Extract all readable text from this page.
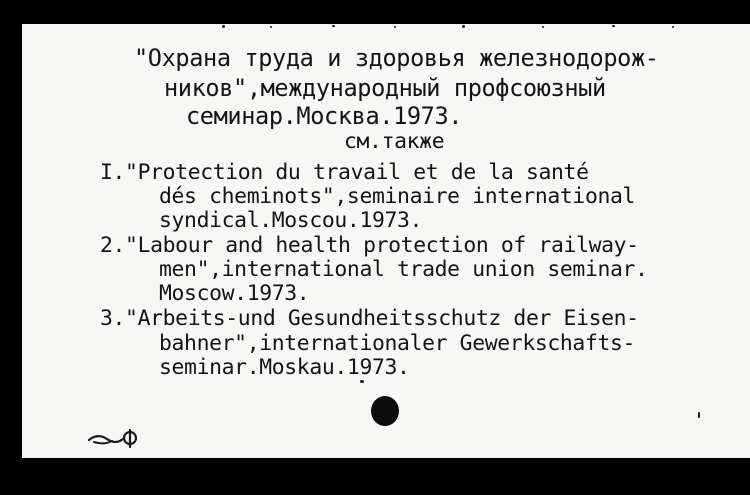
"Охрана труда и здоровья железнодорож-
ников",международный профсоюзный
семинар.Москва.1973.
см.также
I."Protection du travail et de la santé
dés cheminots",seminaire international
syndical.Moscou.1973.
2."Labour and health protection of railway-
men",international trade union seminar.
Moscow.1973.
3."Arbeits-und Gesundheitsschutz der Eisen-
bahner",internationaler Gewerkschafts-
seminar.Moskau.1973.
